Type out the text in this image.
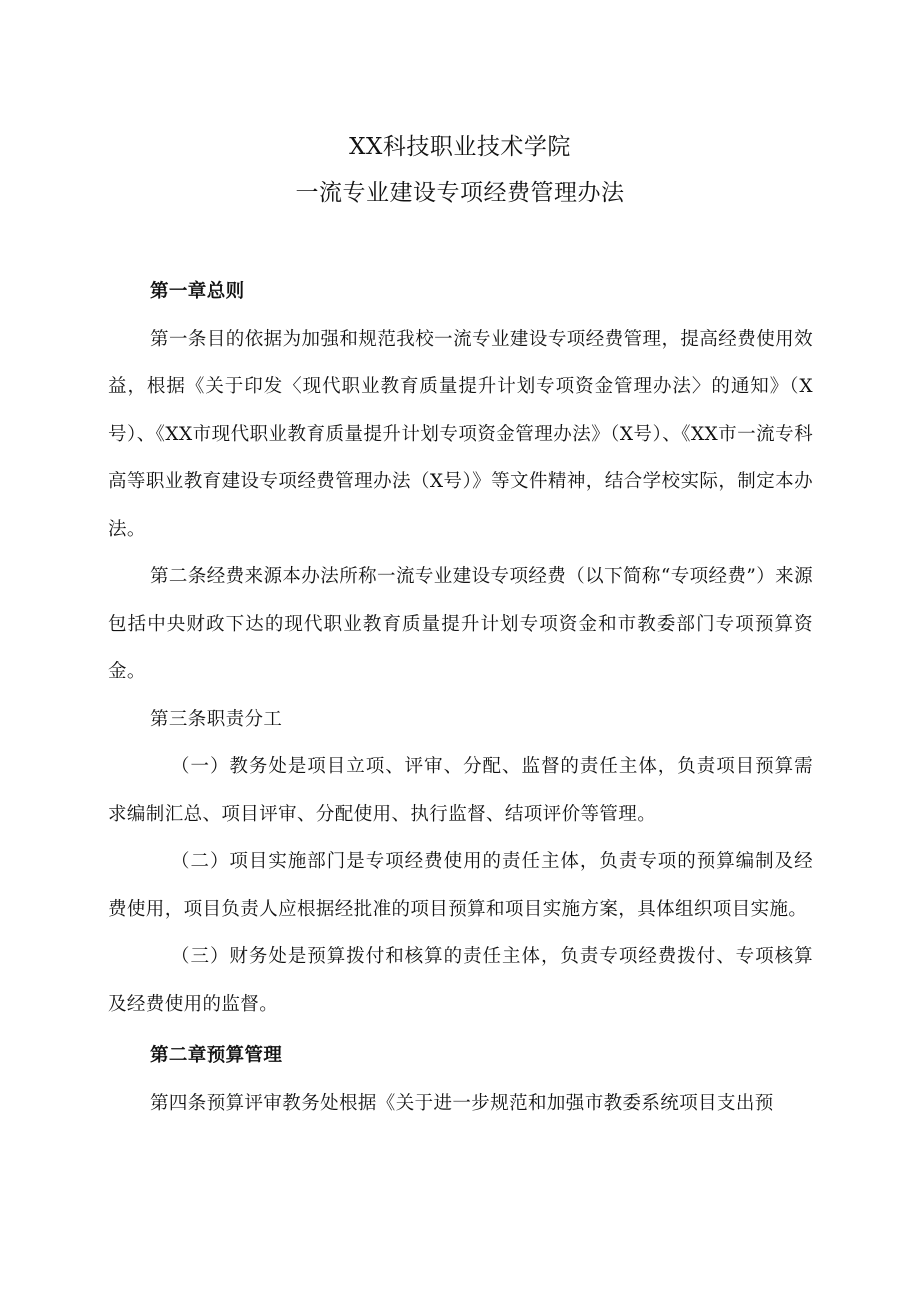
XX科技职业技术学院
一流专业建设专项经费管理办法

第一章总则

第一条目的依据为加强和规范我校一流专业建设专项经费管理，提高经费使用效益，根据《关于印发〈现代职业教育质量提升计划专项资金管理办法〉的通知》（X号）、《XX市现代职业教育质量提升计划专项资金管理办法》（X号）、《XX市一流专科高等职业教育建设专项经费管理办法（X号）》等文件精神，结合学校实际，制定本办法。

第二条经费来源本办法所称一流专业建设专项经费（以下简称“专项经费”）来源包括中央财政下达的现代职业教育质量提升计划专项资金和市教委部门专项预算资金。

第三条职责分工

（一）教务处是项目立项、评审、分配、监督的责任主体，负责项目预算需求编制汇总、项目评审、分配使用、执行监督、结项评价等管理。

（二）项目实施部门是专项经费使用的责任主体，负责专项的预算编制及经费使用，项目负责人应根据经批准的项目预算和项目实施方案，具体组织项目实施。

（三）财务处是预算拨付和核算的责任主体，负责专项经费拨付、专项核算及经费使用的监督。

第二章预算管理

第四条预算评审教务处根据《关于进一步规范和加强市教委系统项目支出预
